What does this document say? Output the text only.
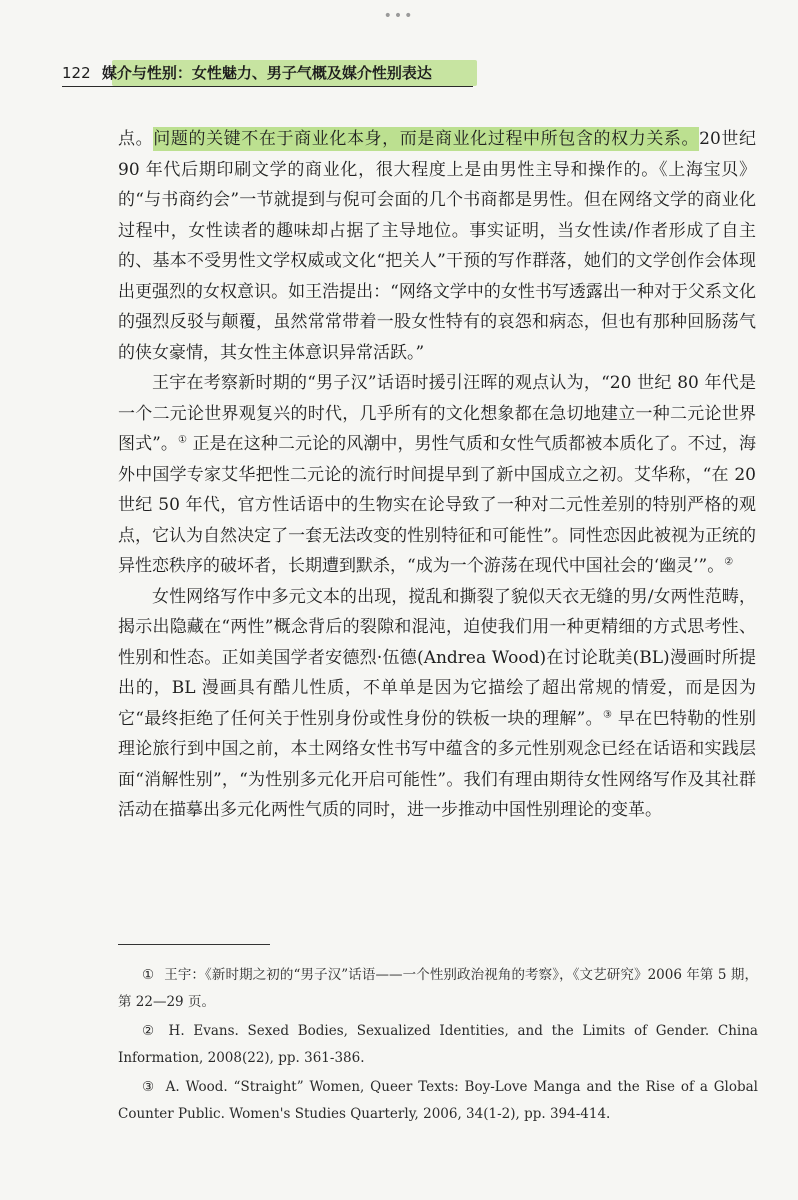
•••
122 媒介与性别：女性魅力、男子气概及媒介性别表达

点。问题的关键不在于商业化本身，而是商业化过程中所包含的权力关系。20世纪 90 年代后期印刷文学的商业化，很大程度上是由男性主导和操作的。《上海宝贝》的“与书商约会”一节就提到与倪可会面的几个书商都是男性。但在网络文学的商业化过程中，女性读者的趣味却占据了主导地位。事实证明，当女性读/作者形成了自主的、基本不受男性文学权威或文化“把关人”干预的写作群落，她们的文学创作会体现出更强烈的女权意识。如王浩提出：“网络文学中的女性书写透露出一种对于父系文化的强烈反驳与颠覆，虽然常常带着一股女性特有的哀怨和病态，但也有那种回肠荡气的侠女豪情，其女性主体意识异常活跃。”

王宇在考察新时期的“男子汉”话语时援引汪晖的观点认为，“20 世纪 80 年代是一个二元论世界观复兴的时代，几乎所有的文化想象都在急切地建立一种二元论世界图式”。① 正是在这种二元论的风潮中，男性气质和女性气质都被本质化了。不过，海外中国学专家艾华把性二元论的流行时间提早到了新中国成立之初。艾华称，“在 20 世纪 50 年代，官方性话语中的生物实在论导致了一种对二元性差别的特别严格的观点，它认为自然决定了一套无法改变的性别特征和可能性”。同性恋因此被视为正统的异性恋秩序的破坏者，长期遭到默杀，“成为一个游荡在现代中国社会的‘幽灵’”。②

女性网络写作中多元文本的出现，搅乱和撕裂了貌似天衣无缝的男/女两性范畴，揭示出隐藏在“两性”概念背后的裂隙和混沌，迫使我们用一种更精细的方式思考性、性别和性态。正如美国学者安德烈·伍德(Andrea Wood)在讨论耽美(BL)漫画时所提出的，BL 漫画具有酷儿性质，不单单是因为它描绘了超出常规的情爱，而是因为它“最终拒绝了任何关于性别身份或性身份的铁板一块的理解”。③ 早在巴特勒的性别理论旅行到中国之前，本土网络女性书写中蕴含的多元性别观念已经在话语和实践层面“消解性别”，“为性别多元化开启可能性”。我们有理由期待女性网络写作及其社群活动在描摹出多元化两性气质的同时，进一步推动中国性别理论的变革。

① 王宇：《新时期之初的“男子汉”话语——一个性别政治视角的考察》，《文艺研究》2006 年第 5 期，第 22—29 页。

② H. Evans. Sexed Bodies, Sexualized Identities, and the Limits of Gender. China Information, 2008(22), pp. 361-386.

③ A. Wood. “Straight” Women, Queer Texts: Boy-Love Manga and the Rise of a Global Counter Public. Women's Studies Quarterly, 2006, 34(1-2), pp. 394-414.
